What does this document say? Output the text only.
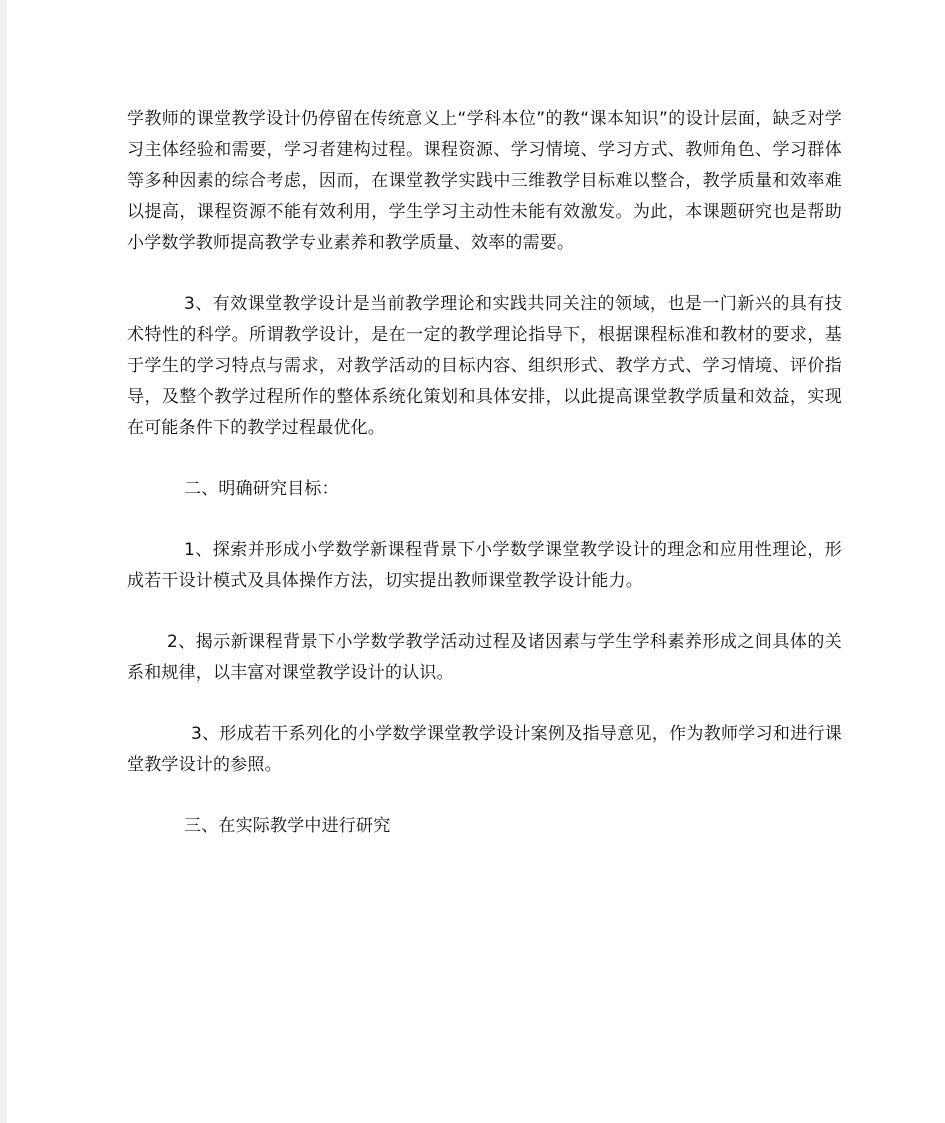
学教师的课堂教学设计仍停留在传统意义上“学科本位”的教“课本知识”的设计层面，缺乏对学习主体经验和需要，学习者建构过程。课程资源、学习情境、学习方式、教师角色、学习群体等多种因素的综合考虑，因而，在课堂教学实践中三维教学目标难以整合，教学质量和效率难以提高，课程资源不能有效利用，学生学习主动性未能有效激发。为此，本课题研究也是帮助小学数学教师提高教学专业素养和教学质量、效率的需要。

3、有效课堂教学设计是当前教学理论和实践共同关注的领域，也是一门新兴的具有技术特性的科学。所谓教学设计，是在一定的教学理论指导下，根据课程标准和教材的要求，基于学生的学习特点与需求，对教学活动的目标内容、组织形式、教学方式、学习情境、评价指导，及整个教学过程所作的整体系统化策划和具体安排，以此提高课堂教学质量和效益，实现在可能条件下的教学过程最优化。

二、明确研究目标：

1、探索并形成小学数学新课程背景下小学数学课堂教学设计的理念和应用性理论，形成若干设计模式及具体操作方法，切实提出教师课堂教学设计能力。

2、揭示新课程背景下小学数学教学活动过程及诸因素与学生学科素养形成之间具体的关系和规律，以丰富对课堂教学设计的认识。

3、形成若干系列化的小学数学课堂教学设计案例及指导意见，作为教师学习和进行课堂教学设计的参照。

三、在实际教学中进行研究
